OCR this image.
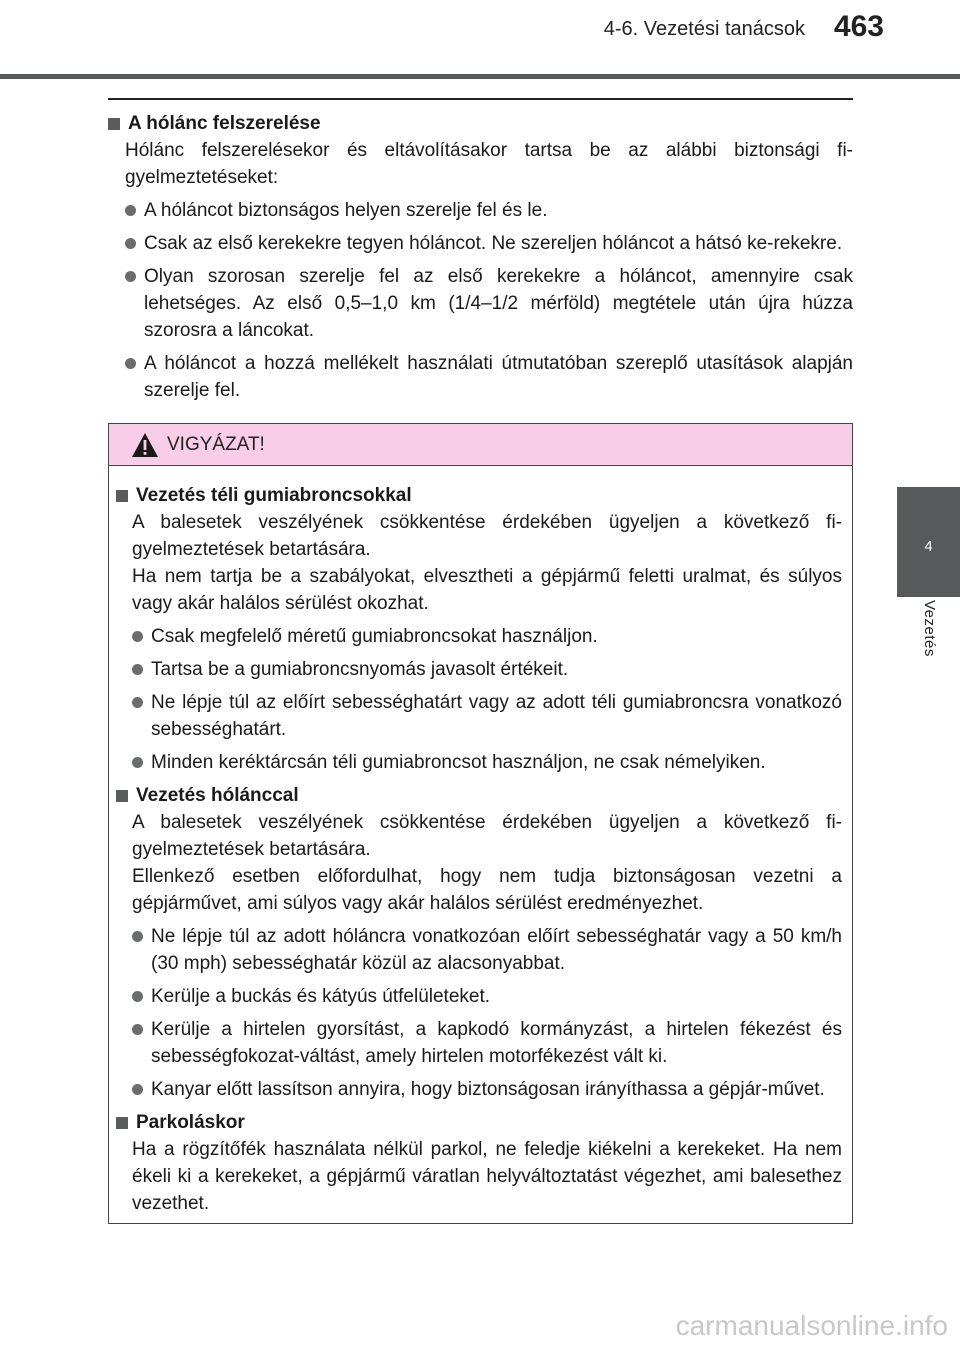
4-6. Vezetési tanácsok 463
4
Vezetés
A hólánc felszerelése
Hólánc felszerelésekor és eltávolításakor tartsa be az alábbi biztonsági fi-gyelmeztetéseket:
A hóláncot biztonságos helyen szerelje fel és le.
Csak az első kerekekre tegyen hóláncot. Ne szereljen hóláncot a hátsó ke-rekekre.
Olyan szorosan szerelje fel az első kerekekre a hóláncot, amennyire csak lehetséges. Az első 0,5–1,0 km (1/4–1/2 mérföld) megtétele után újra húzza szorosra a láncokat.
A hóláncot a hozzá mellékelt használati útmutatóban szereplő utasítások alapján szerelje fel.
VIGYÁZAT!
Vezetés téli gumiabroncsokkal
A balesetek veszélyének csökkentése érdekében ügyeljen a következő fi-gyelmeztetések betartására.
Ha nem tartja be a szabályokat, elvesztheti a gépjármű feletti uralmat, és súlyos vagy akár halálos sérülést okozhat.
Csak megfelelő méretű gumiabroncsokat használjon.
Tartsa be a gumiabroncsnyomás javasolt értékeit.
Ne lépje túl az előírt sebességhatárt vagy az adott téli gumiabroncsra vonatkozó sebességhatárt.
Minden keréktárcsán téli gumiabroncsot használjon, ne csak némelyiken.
Vezetés hólánccal
A balesetek veszélyének csökkentése érdekében ügyeljen a következő fi-gyelmeztetések betartására.
Ellenkező esetben előfordulhat, hogy nem tudja biztonságosan vezetni a gépjárművet, ami súlyos vagy akár halálos sérülést eredményezhet.
Ne lépje túl az adott hóláncra vonatkozóan előírt sebességhatár vagy a 50 km/h (30 mph) sebességhatár közül az alacsonyabbat.
Kerülje a buckás és kátyús útfelületeket.
Kerülje a hirtelen gyorsítást, a kapkodó kormányzást, a hirtelen fékezést és sebességfokozat-váltást, amely hirtelen motorfékezést vált ki.
Kanyar előtt lassítson annyira, hogy biztonságosan irányíthassa a gépjár-művet.
Parkoláskor
Ha a rögzítőfék használata nélkül parkol, ne feledje kiékelni a kerekeket. Ha nem ékeli ki a kerekeket, a gépjármű váratlan helyváltoztatást végezhet, ami balesethez vezethet.
carmanualsonline.info
